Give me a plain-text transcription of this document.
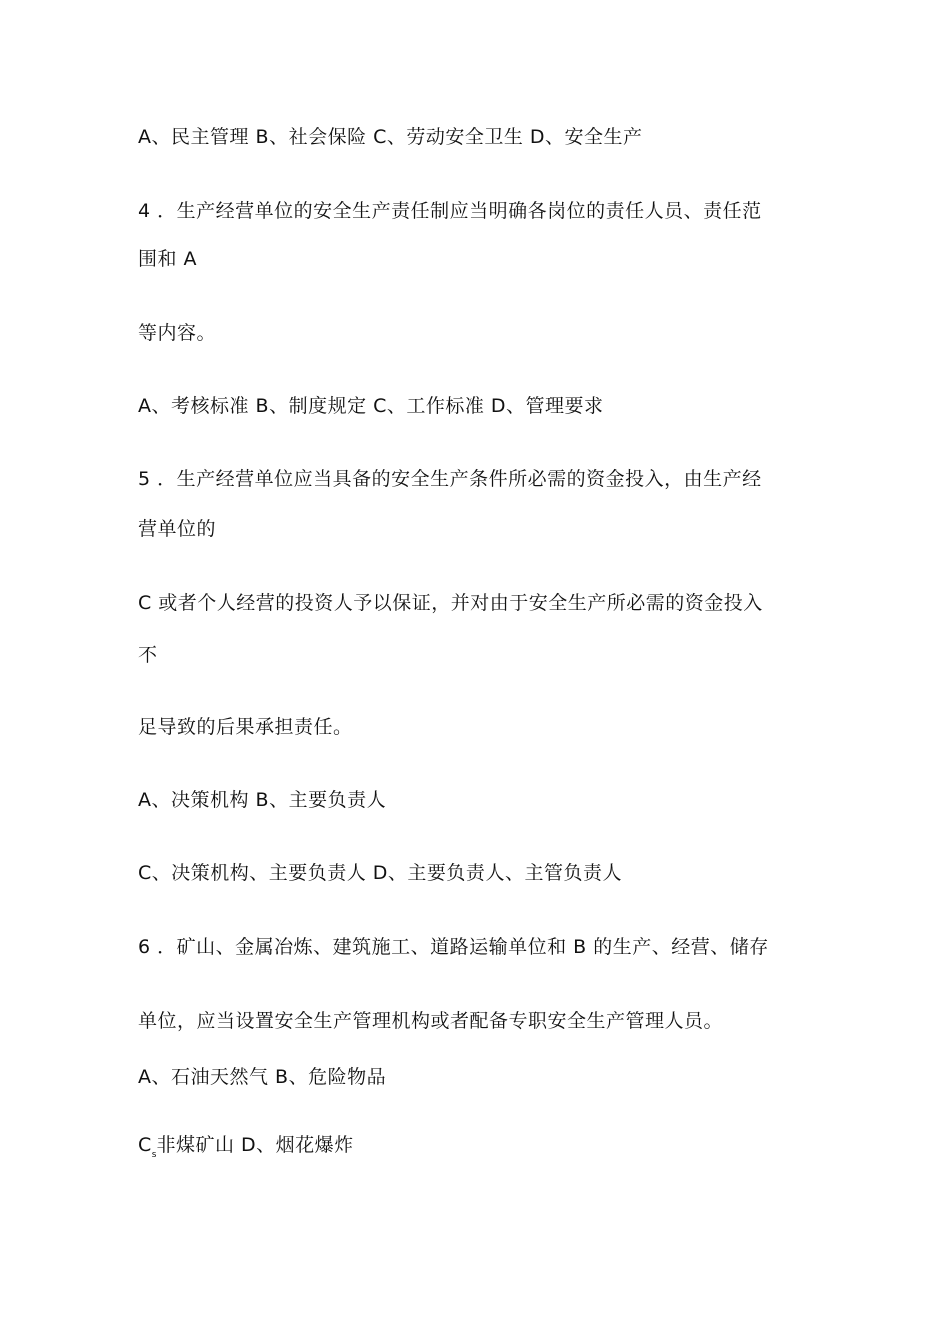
A、民主管理 B、社会保险 C、劳动安全卫生 D、安全生产
4 ．生产经营单位的安全生产责任制应当明确各岗位的责任人员、责任范
围和 A
等内容。
A、考核标准 B、制度规定 C、工作标准 D、管理要求
5 ．生产经营单位应当具备的安全生产条件所必需的资金投入，由生产经
营单位的
C 或者个人经营的投资人予以保证，并对由于安全生产所必需的资金投入
不
足导致的后果承担责任。
A、决策机构 B、主要负责人
C、决策机构、主要负责人 D、主要负责人、主管负责人
6 ．矿山、金属冶炼、建筑施工、道路运输单位和 B 的生产、经营、储存
单位，应当设置安全生产管理机构或者配备专职安全生产管理人员。
A、石油天然气 B、危险物品
$C_s$非煤矿山 D、烟花爆炸
